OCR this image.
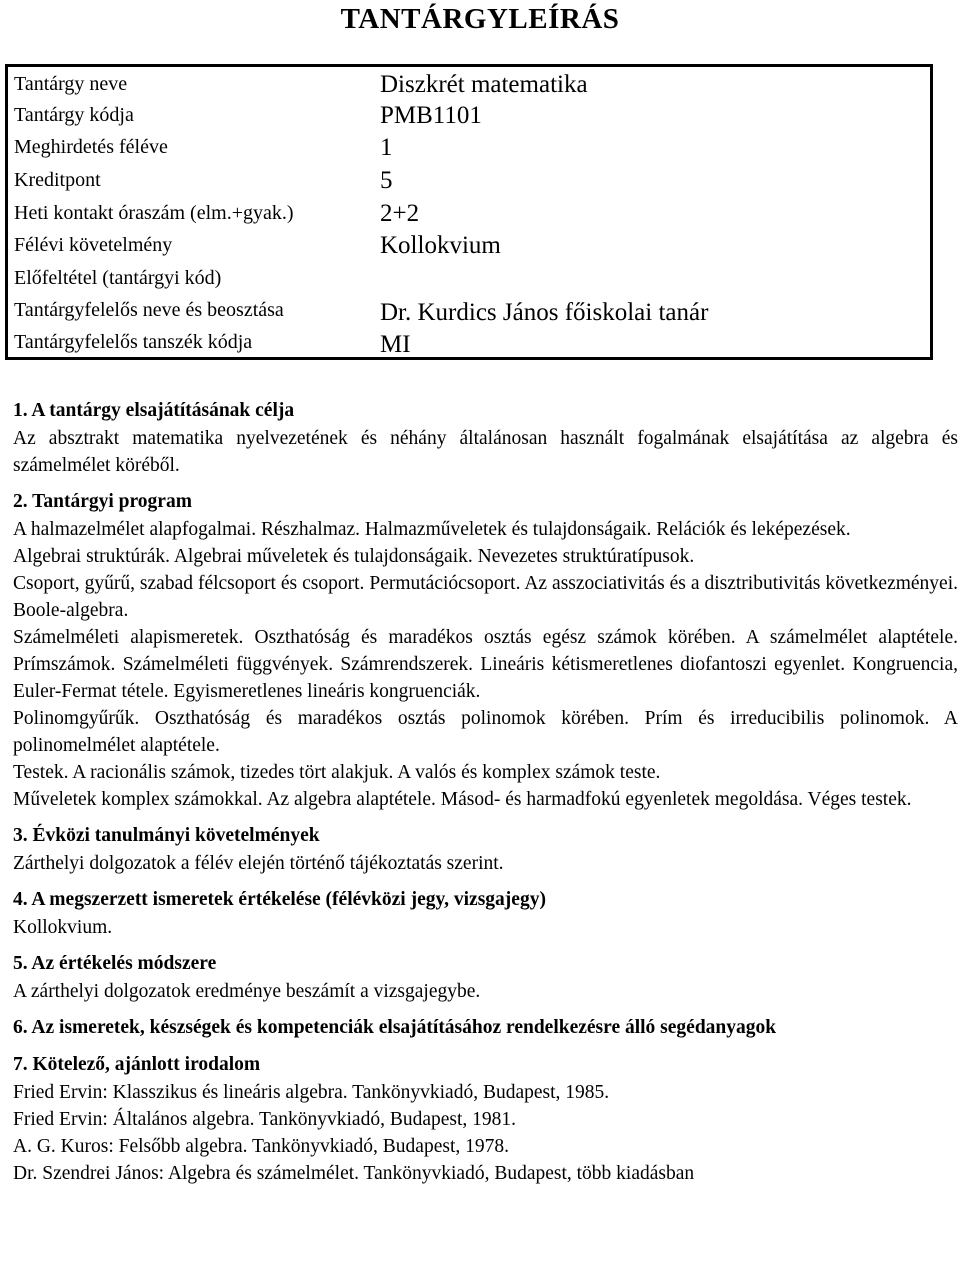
TANTÁRGYLEÍRÁS
Tantárgy neve	Diszkrét matematika
Tantárgy kódja	PMB1101
Meghirdetés féléve	1
Kreditpont	5
Heti kontakt óraszám (elm.+gyak.)	2+2
Félévi követelmény	Kollokvium
Előfeltétel (tantárgyi kód)
Tantárgyfelelős neve és beosztása	Dr. Kurdics János főiskolai tanár
Tantárgyfelelős tanszék kódja	MI
1. A tantárgy elsajátításának célja

Az absztrakt matematika nyelvezetének és néhány általánosan használt fogalmának elsajátítása az algebra és számelmélet köréből.

2. Tantárgyi program

A halmazelmélet alapfogalmai. Részhalmaz. Halmazműveletek és tulajdonságaik. Relációk és leképezések.

Algebrai struktúrák. Algebrai műveletek és tulajdonságaik. Nevezetes struktúratípusok.

Csoport, gyűrű, szabad félcsoport és csoport. Permutációcsoport. Az asszociativitás és a disztributivitás következményei. Boole-algebra.

Számelméleti alapismeretek. Oszthatóság és maradékos osztás egész számok körében. A számelmélet alaptétele. Prímszámok. Számelméleti függvények. Számrendszerek. Lineáris kétismeretlenes diofantoszi egyenlet. Kongruencia, Euler-Fermat tétele. Egyismeretlenes lineáris kongruenciák.

Polinomgyűrűk. Oszthatóság és maradékos osztás polinomok körében. Prím és irreducibilis polinomok. A polinomelmélet alaptétele.

Testek. A racionális számok, tizedes tört alakjuk. A valós és komplex számok teste.

Műveletek komplex számokkal. Az algebra alaptétele. Másod- és harmadfokú egyenletek megoldása. Véges testek.

3. Évközi tanulmányi követelmények

Zárthelyi dolgozatok a félév elején történő tájékoztatás szerint.

4. A megszerzett ismeretek értékelése (félévközi jegy, vizsgajegy)

Kollokvium.

5. Az értékelés módszere

A zárthelyi dolgozatok eredménye beszámít a vizsgajegybe.

6. Az ismeretek, készségek és kompetenciák elsajátításához rendelkezésre álló segédanyagok
7. Kötelező, ajánlott irodalom

Fried Ervin: Klasszikus és lineáris algebra. Tankönyvkiadó, Budapest, 1985.

Fried Ervin: Általános algebra. Tankönyvkiadó, Budapest, 1981.

A. G. Kuros: Felsőbb algebra. Tankönyvkiadó, Budapest, 1978.

Dr. Szendrei János: Algebra és számelmélet. Tankönyvkiadó, Budapest, több kiadásban
